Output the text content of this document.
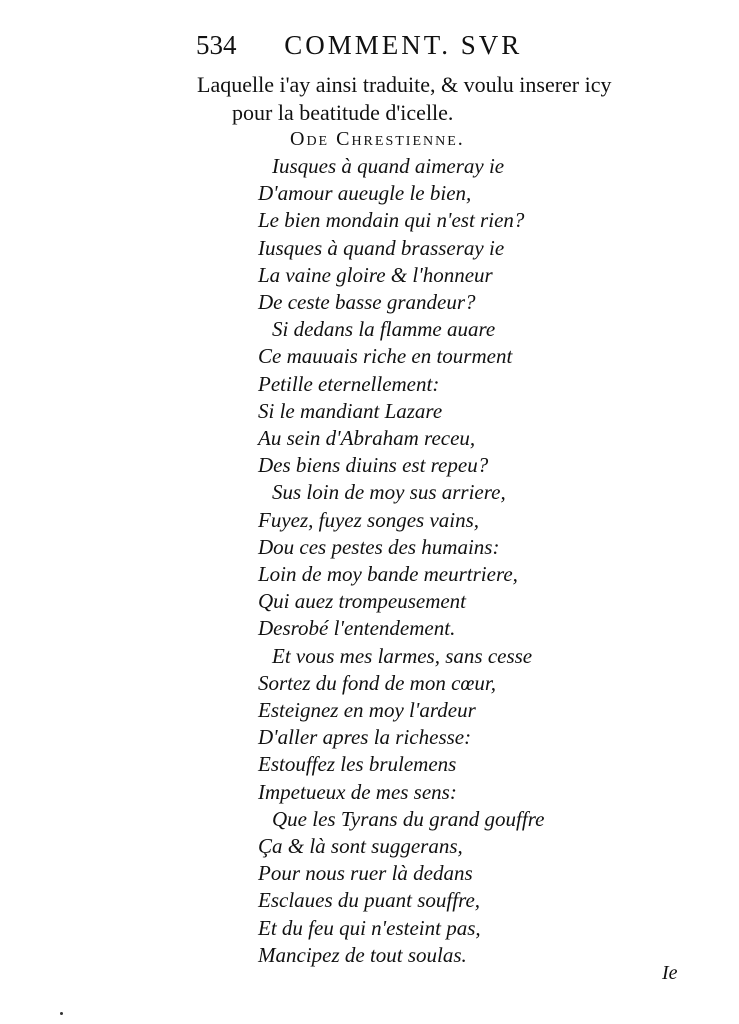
534 COMMENT. SVR
Laquelle i'ay ainsi traduite, & voulu inserer icy
pour la beatitude d'icelle.
Ode Chrestienne.
Iusques à quand aimeray ie
D'amour aueugle le bien,
Le bien mondain qui n'est rien?
Iusques à quand brasseray ie
La vaine gloire & l'honneur
De ceste basse grandeur?
Si dedans la flamme auare
Ce mauuais riche en tourment
Petille eternellement:
Si le mandiant Lazare
Au sein d'Abraham receu,
Des biens diuins est repeu?
Sus loin de moy sus arriere,
Fuyez, fuyez songes vains,
Dou ces pestes des humains:
Loin de moy bande meurtriere,
Qui auez trompeusement
Desrobé l'entendement.
Et vous mes larmes, sans cesse
Sortez du fond de mon cœur,
Esteignez en moy l'ardeur
D'aller apres la richesse:
Estouffez les brulemens
Impetueux de mes sens:
Que les Tyrans du grand gouffre
Ça & là sont suggerans,
Pour nous ruer là dedans
Esclaues du puant souffre,
Et du feu qui n'esteint pas,
Mancipez de tout soulas.
Ie
